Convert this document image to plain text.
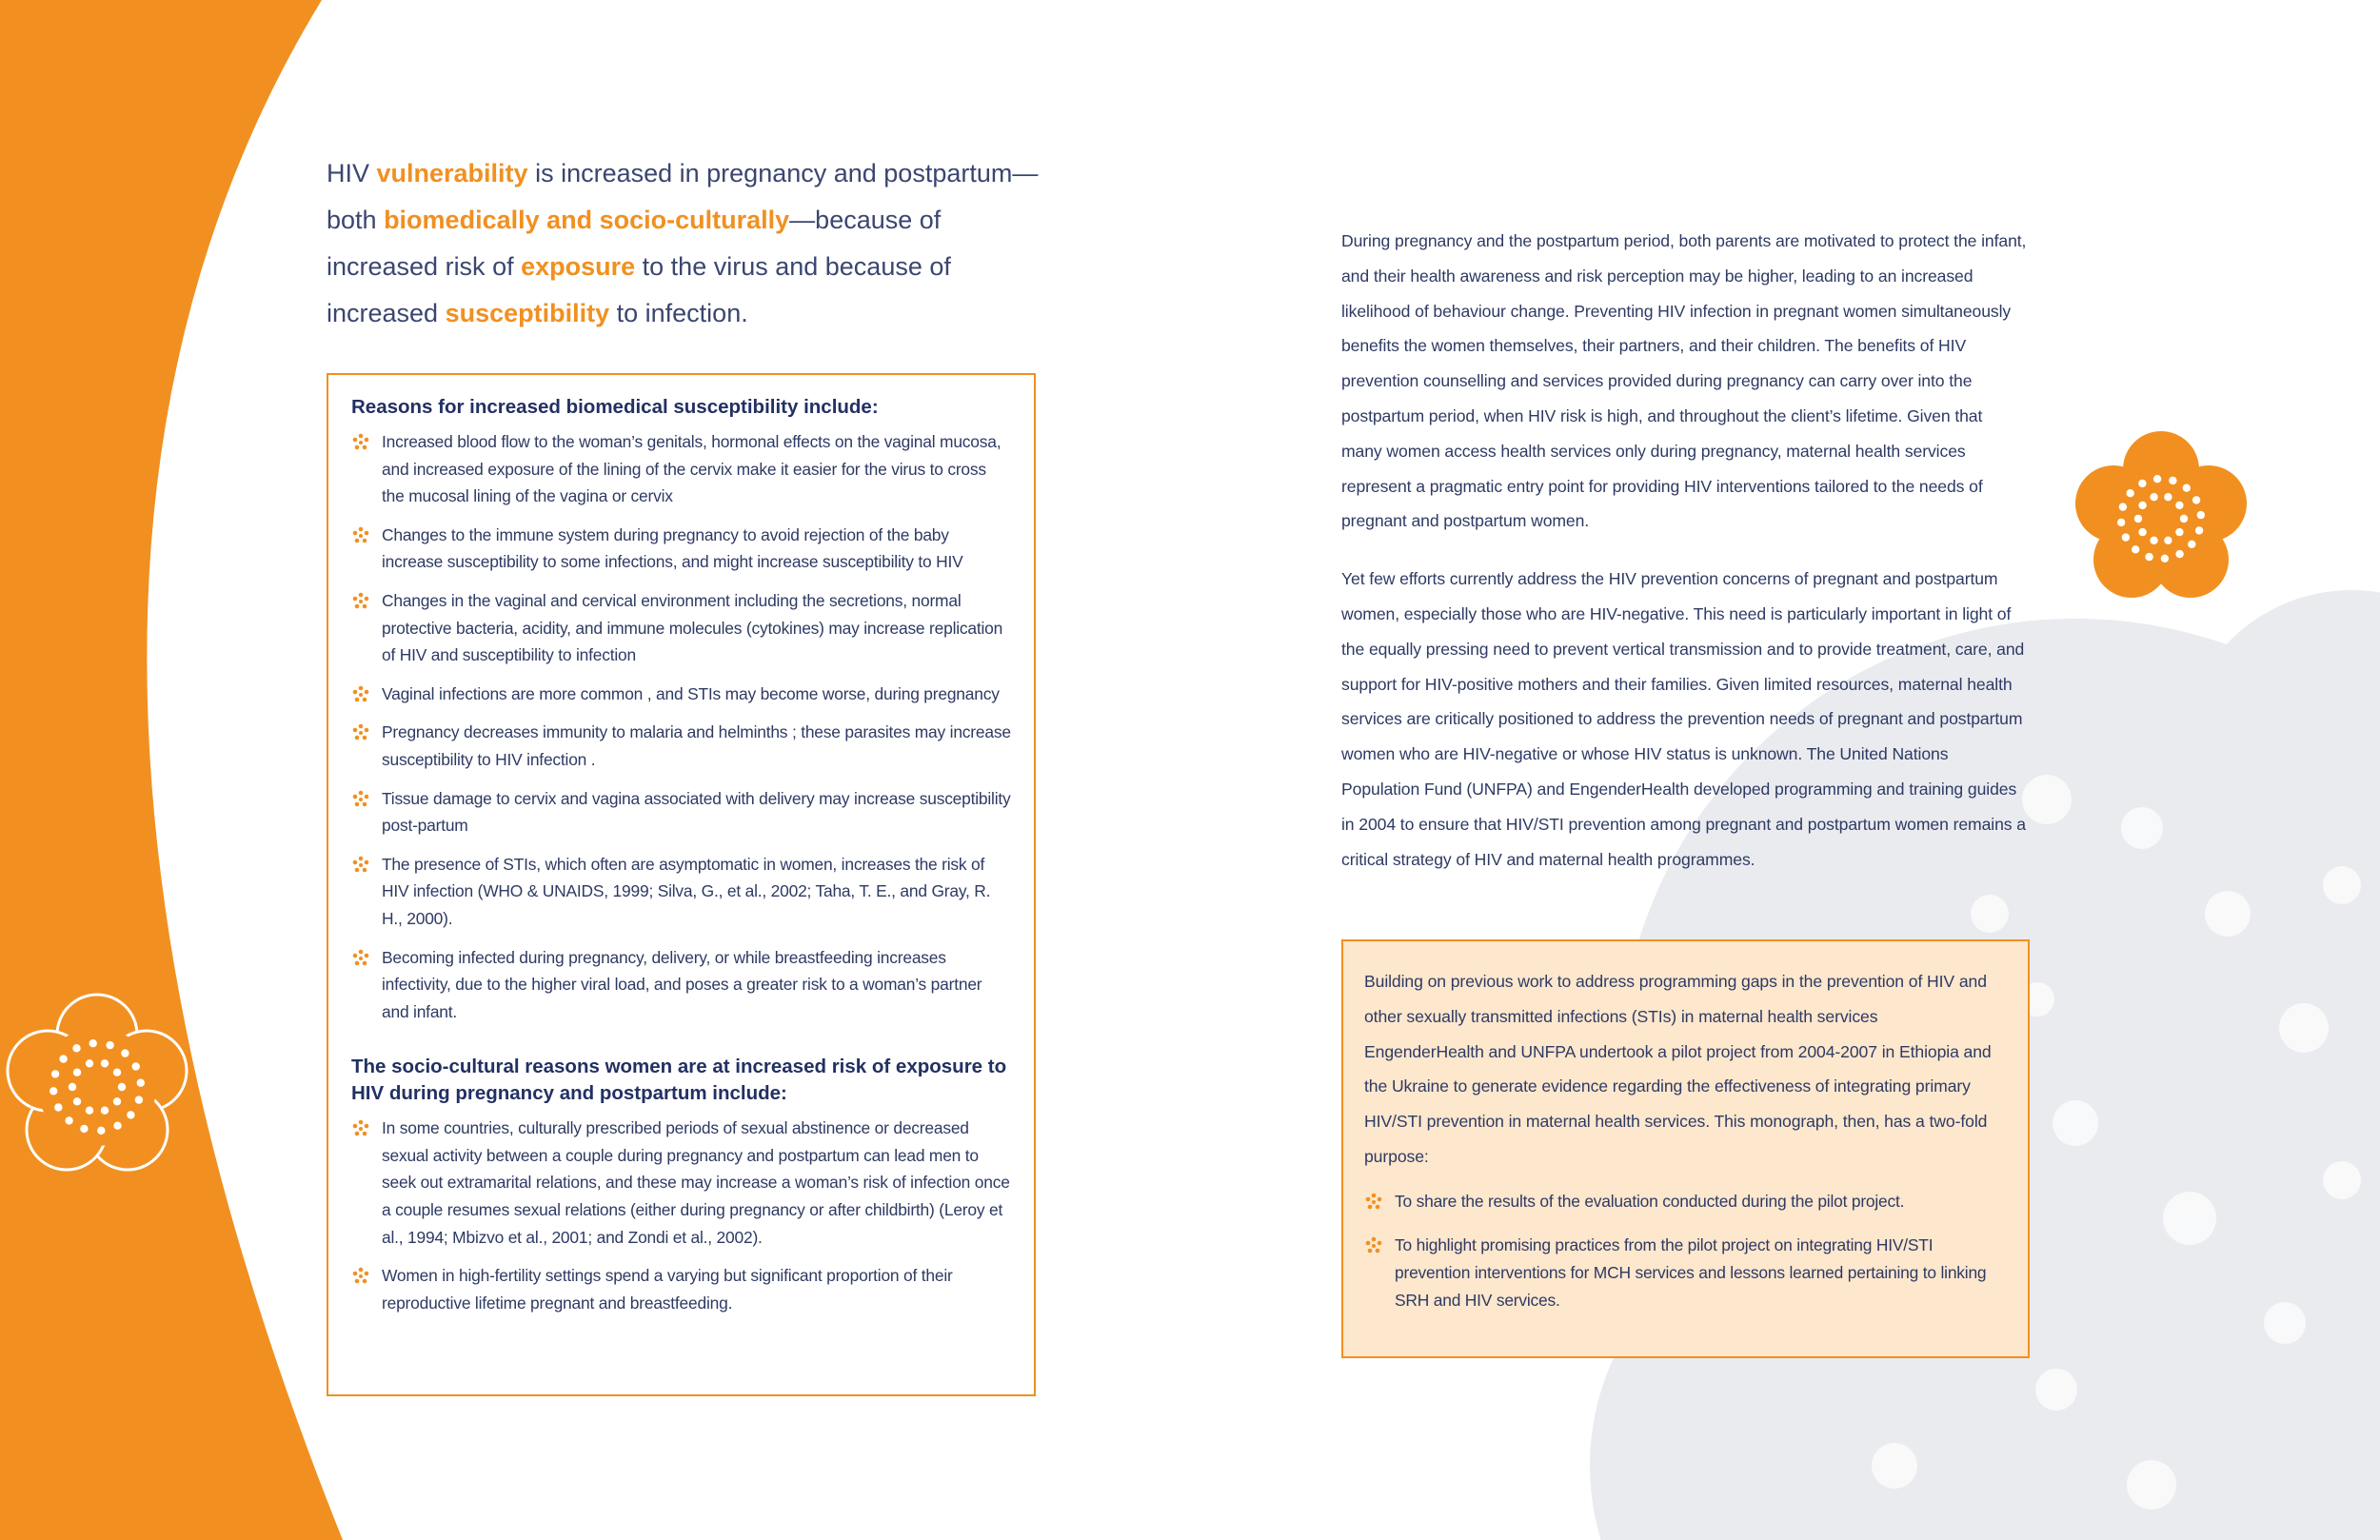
HIV vulnerability is increased in pregnancy and postpartum—both biomedically and socio-culturally—because of increased risk of exposure to the virus and because of increased susceptibility to infection.
Reasons for increased biomedical susceptibility include:
Increased blood flow to the woman’s genitals, hormonal effects on the vaginal mucosa, and increased exposure of the lining of the cervix make it easier for the virus to cross the mucosal lining of the vagina or cervix
Changes to the immune system during pregnancy to avoid rejection of the baby increase susceptibility to some infections, and might increase susceptibility to HIV
Changes in the vaginal and cervical environment including the secretions, normal protective bacteria, acidity, and immune molecules (cytokines) may increase replication of HIV and susceptibility to infection
Vaginal infections are more common , and STIs may become worse, during pregnancy
Pregnancy decreases immunity to malaria and helminths ; these parasites may increase susceptibility to HIV infection .
Tissue damage to cervix and vagina associated with delivery may increase susceptibility post-partum
The presence of STIs, which often are asymptomatic in women, increases the risk of HIV infection (WHO & UNAIDS, 1999; Silva, G., et al., 2002; Taha, T. E., and Gray, R. H., 2000).
Becoming infected during pregnancy, delivery, or while breastfeeding increases infectivity, due to the higher viral load, and poses a greater risk to a woman’s partner and infant.
The socio-cultural reasons women are at increased risk of exposure to HIV during pregnancy and postpartum include:
In some countries, culturally prescribed periods of sexual abstinence or decreased sexual activity between a couple during pregnancy and postpartum can lead men to seek out extramarital relations, and these may increase a woman’s risk of infection once a couple resumes sexual relations (either during pregnancy or after childbirth) (Leroy et al., 1994; Mbizvo et al., 2001; and Zondi et al., 2002).
Women in high-fertility settings spend a varying but significant proportion of their reproductive lifetime pregnant and breastfeeding.

During pregnancy and the postpartum period, both parents are motivated to protect the infant, and their health awareness and risk perception may be higher, leading to an increased likelihood of behaviour change. Preventing HIV infection in pregnant women simultaneously benefits the women themselves, their partners, and their children. The benefits of HIV prevention counselling and services provided during pregnancy can carry over into the postpartum period, when HIV risk is high, and throughout the client’s lifetime. Given that many women access health services only during pregnancy, maternal health services represent a pragmatic entry point for providing HIV interventions tailored to the needs of pregnant and postpartum women.

Yet few efforts currently address the HIV prevention concerns of pregnant and postpartum women, especially those who are HIV-negative. This need is particularly important in light of the equally pressing need to prevent vertical transmission and to provide treatment, care, and support for HIV-positive mothers and their families. Given limited resources, maternal health services are critically positioned to address the prevention needs of pregnant and postpartum women who are HIV-negative or whose HIV status is unknown. The United Nations Population Fund (UNFPA) and EngenderHealth developed programming and training guides in 2004 to ensure that HIV/STI prevention among pregnant and postpartum women remains a critical strategy of HIV and maternal health programmes.

Building on previous work to address programming gaps in the prevention of HIV and other sexually transmitted infections (STIs) in maternal health services EngenderHealth and UNFPA undertook a pilot project from 2004-2007 in Ethiopia and the Ukraine to generate evidence regarding the effectiveness of integrating primary HIV/STI prevention in maternal health services. This monograph, then, has a two-fold purpose:

To share the results of the evaluation conducted during the pilot project.
To highlight promising practices from the pilot project on integrating HIV/STI prevention interventions for MCH services and lessons learned pertaining to linking SRH and HIV services.
